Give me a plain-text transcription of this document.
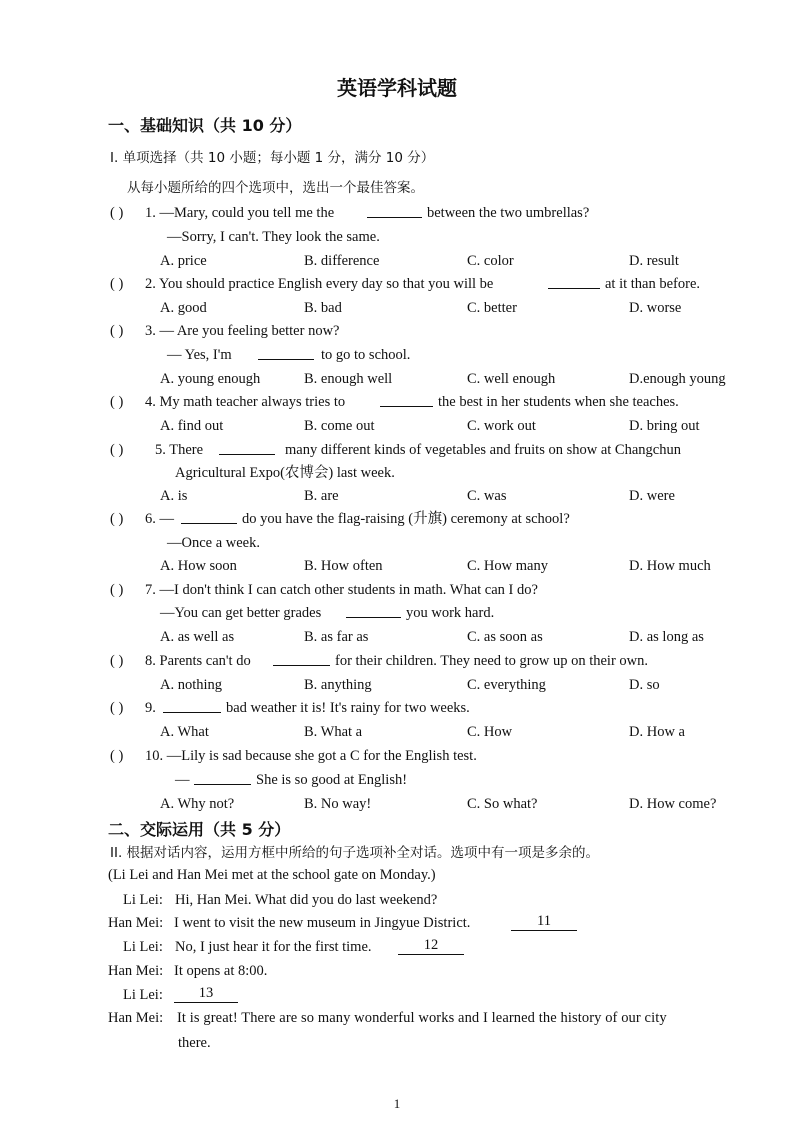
英语学科试题
一、基础知识（共 10 分）
I. 单项选择（共 10 小题；每小题 1 分，满分 10 分）
从每小题所给的四个选项中，选出一个最佳答案。
( ) 1. —Mary, could you tell me the	between the two umbrellas?
—Sorry, I can't. They look the same.
A. price	B. difference	C. color	D. result
( ) 2. You should practice English every day so that you will be	at it than before.
A. good	B. bad	C. better	D. worse
( ) 3. — Are you feeling better now?
— Yes, I'm	to go to school.
A. young enough	B. enough well	C. well enough	D.enough young
( ) 4. My math teacher always tries to	the best in her students when she teaches.
A. find out	B. come out	C. work out	D. bring out
( ) 5. There	many different kinds of vegetables and fruits on show at Changchun
Agricultural Expo(农博会) last week.
A. is	B. are	C. was	D. were
( ) 6. —	do you have the flag-raising (升旗) ceremony at school?
—Once a week.
A. How soon	B. How often	C. How many	D. How much
( ) 7. —I don't think I can catch other students in math. What can I do?
—You can get better grades	you work hard.
A. as well as	B. as far as	C. as soon as	D. as long as
( ) 8. Parents can't do	for their children. They need to grow up on their own.
A. nothing	B. anything	C. everything	D. so
( ) 9.	bad weather it is! It's rainy for two weeks.
A. What	B. What a	C. How	D. How a
( ) 10. —Lily is sad because she got a C for the English test.
—	She is so good at English!
A. Why not?	B. No way!	C. So what?	D. How come?
二、交际运用（共 5 分）
II. 根据对话内容，运用方框中所给的句子选项补全对话。选项中有一项是多余的。
(Li Lei and Han Mei met at the school gate on Monday.)
Li Lei: Hi, Han Mei. What did you do last weekend?
Han Mei: I went to visit the new museum in Jingyue District.	11
Li Lei: No, I just hear it for the first time.	12
Han Mei: It opens at 8:00.
Li Lei:	13
Han Mei: It is great! There are so many wonderful works and I learned the history of our city
there.
1
